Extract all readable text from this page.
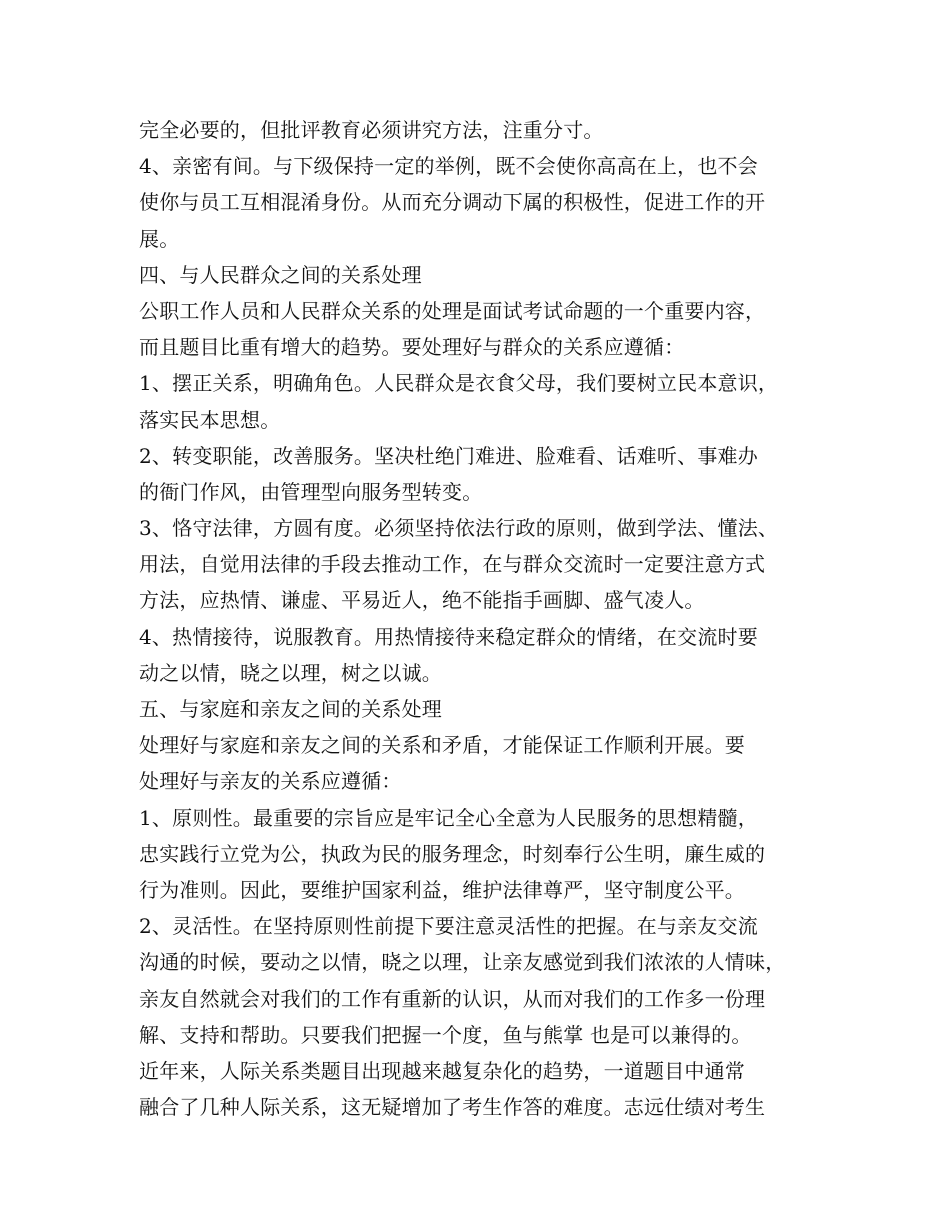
完全必要的，但批评教育必须讲究方法，注重分寸。
4、亲密有间。与下级保持一定的举例，既不会使你高高在上，也不会
使你与员工互相混淆身份。从而充分调动下属的积极性，促进工作的开
展。
四、与人民群众之间的关系处理
公职工作人员和人民群众关系的处理是面试考试命题的一个重要内容，
而且题目比重有增大的趋势。要处理好与群众的关系应遵循：
1、摆正关系，明确角色。人民群众是衣食父母，我们要树立民本意识，
落实民本思想。
2、转变职能，改善服务。坚决杜绝门难进、脸难看、话难听、事难办
的衙门作风，由管理型向服务型转变。
3、恪守法律，方圆有度。必须坚持依法行政的原则，做到学法、懂法、
用法，自觉用法律的手段去推动工作，在与群众交流时一定要注意方式
方法，应热情、谦虚、平易近人，绝不能指手画脚、盛气凌人。
4、热情接待，说服教育。用热情接待来稳定群众的情绪，在交流时要
动之以情，晓之以理，树之以诚。
五、与家庭和亲友之间的关系处理
处理好与家庭和亲友之间的关系和矛盾，才能保证工作顺利开展。要
处理好与亲友的关系应遵循：
1、原则性。最重要的宗旨应是牢记全心全意为人民服务的思想精髓，
忠实践行立党为公，执政为民的服务理念，时刻奉行公生明，廉生威的
行为准则。因此，要维护国家利益，维护法律尊严，坚守制度公平。
2、灵活性。在坚持原则性前提下要注意灵活性的把握。在与亲友交流
沟通的时候，要动之以情，晓之以理，让亲友感觉到我们浓浓的人情味，
亲友自然就会对我们的工作有重新的认识，从而对我们的工作多一份理
解、支持和帮助。只要我们把握一个度，鱼与熊掌 也是可以兼得的。
近年来，人际关系类题目出现越来越复杂化的趋势，一道题目中通常
融合了几种人际关系，这无疑增加了考生作答的难度。志远仕绩对考生
